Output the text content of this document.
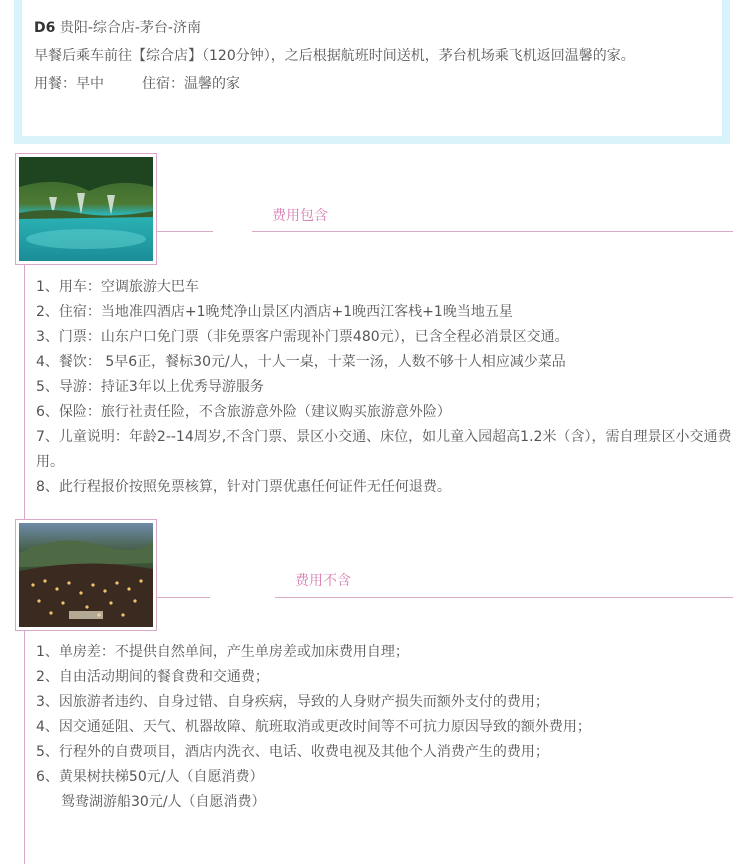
D6 贵阳-综合店-茅台-济南
早餐后乘车前往【综合店】（120分钟），之后根据航班时间送机，茅台机场乘飞机返回温馨的家。
用餐：早中	住宿：温馨的家
费用包含

1、用车：空调旅游大巴车

2、住宿：当地准四酒店+1晚梵净山景区内酒店+1晚西江客栈+1晚当地五星

3、门票：山东户口免门票（非免票客户需现补门票480元），已含全程必消景区交通。

4、餐饮： 5早6正，餐标30元/人，十人一桌，十菜一汤，人数不够十人相应减少菜品

5、导游：持证3年以上优秀导游服务

6、保险：旅行社责任险，不含旅游意外险（建议购买旅游意外险）

7、儿童说明：年龄2--14周岁,不含门票、景区小交通、床位，如儿童入园超高1.2米（含），需自理景区小交通费用。

8、此行程报价按照免票核算，针对门票优惠任何证件无任何退费。

费用不含

1、单房差：不提供自然单间，产生单房差或加床费用自理；

2、自由活动期间的餐食费和交通费；

3、因旅游者违约、自身过错、自身疾病，导致的人身财产损失而额外支付的费用；

4、因交通延阻、天气、机器故障、航班取消或更改时间等不可抗力原因导致的额外费用；

5、行程外的自费项目，酒店内洗衣、电话、收费电视及其他个人消费产生的费用；

6、黄果树扶梯50元/人（自愿消费）

鸳鸯湖游船30元/人（自愿消费）
